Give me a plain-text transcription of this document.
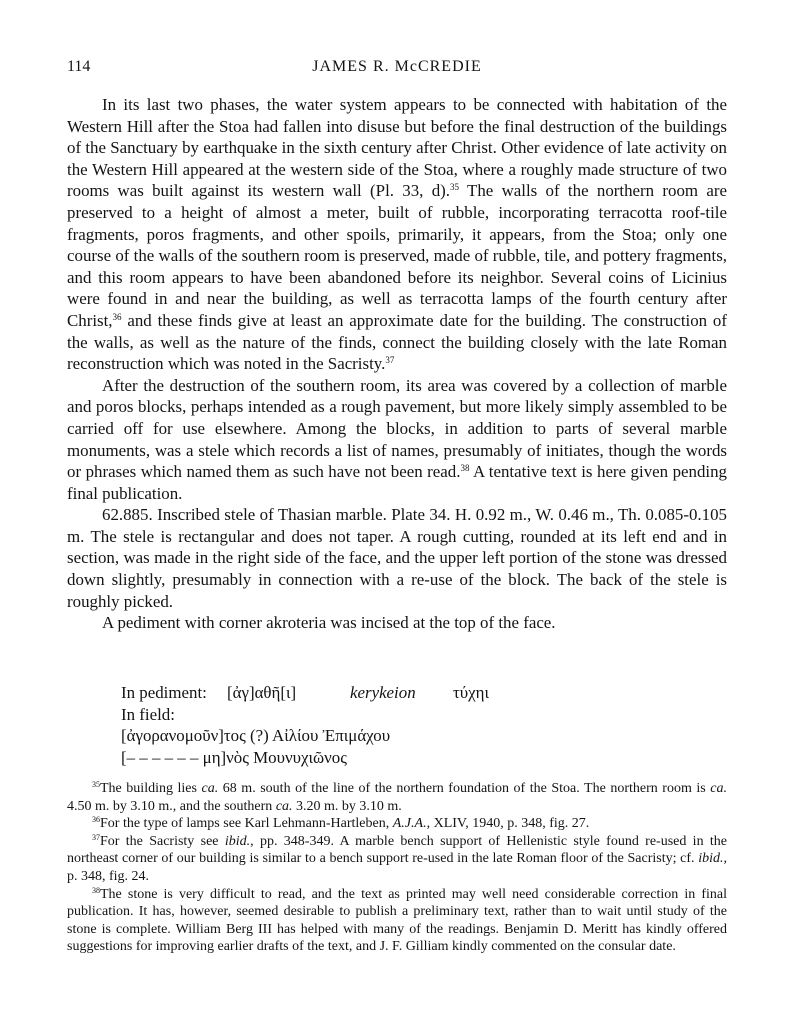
114	JAMES R. McCREDIE

In its last two phases, the water system appears to be connected with habitation of the Western Hill after the Stoa had fallen into disuse but before the final destruction of the buildings of the Sanctuary by earthquake in the sixth century after Christ. Other evidence of late activity on the Western Hill appeared at the western side of the Stoa, where a roughly made structure of two rooms was built against its western wall (Pl. 33, d).$^{35}$ The walls of the northern room are preserved to a height of almost a meter, built of rubble, incorporating terracotta roof-tile fragments, poros fragments, and other spoils, primarily, it appears, from the Stoa; only one course of the walls of the southern room is preserved, made of rubble, tile, and pottery fragments, and this room appears to have been abandoned before its neighbor. Several coins of Licinius were found in and near the building, as well as terracotta lamps of the fourth century after Christ,$^{36}$ and these finds give at least an approximate date for the building. The construction of the walls, as well as the nature of the finds, connect the building closely with the late Roman reconstruction which was noted in the Sacristy.$^{37}$

After the destruction of the southern room, its area was covered by a collection of marble and poros blocks, perhaps intended as a rough pavement, but more likely simply assembled to be carried off for use elsewhere. Among the blocks, in addition to parts of several marble monuments, was a stele which records a list of names, presumably of initiates, though the words or phrases which named them as such have not been read.$^{38}$ A tentative text is here given pending final publication.

62.885. Inscribed stele of Thasian marble. Plate 34. H. 0.92 m., W. 0.46 m., Th. 0.085-0.105 m. The stele is rectangular and does not taper. A rough cutting, rounded at its left end and in section, was made in the right side of the face, and the upper left portion of the stone was dressed down slightly, presumably in connection with a re-use of the block. The back of the stele is roughly picked.

A pediment with corner akroteria was incised at the top of the face.

In pediment: [ἀγ]αθῆ[ι]	kerykeion τύχηι
In field:
[ἀγορανομοῦν]τος (?) Αἰλίου Ἐπιμάχου
[– – – – – – μη]νὸς Μουνυχιῶνος

$^{35}$The building lies ca. 68 m. south of the line of the northern foundation of the Stoa. The northern room is ca. 4.50 m. by 3.10 m., and the southern ca. 3.20 m. by 3.10 m.

$^{36}$For the type of lamps see Karl Lehmann-Hartleben, A.J.A., XLIV, 1940, p. 348, fig. 27.

$^{37}$For the Sacristy see ibid., pp. 348-349. A marble bench support of Hellenistic style found re-used in the northeast corner of our building is similar to a bench support re-used in the late Roman floor of the Sacristy; cf. ibid., p. 348, fig. 24.

$^{38}$The stone is very difficult to read, and the text as printed may well need considerable correction in final publication. It has, however, seemed desirable to publish a preliminary text, rather than to wait until study of the stone is complete. William Berg III has helped with many of the readings. Benjamin D. Meritt has kindly offered suggestions for improving earlier drafts of the text, and J. F. Gilliam kindly commented on the consular date.
